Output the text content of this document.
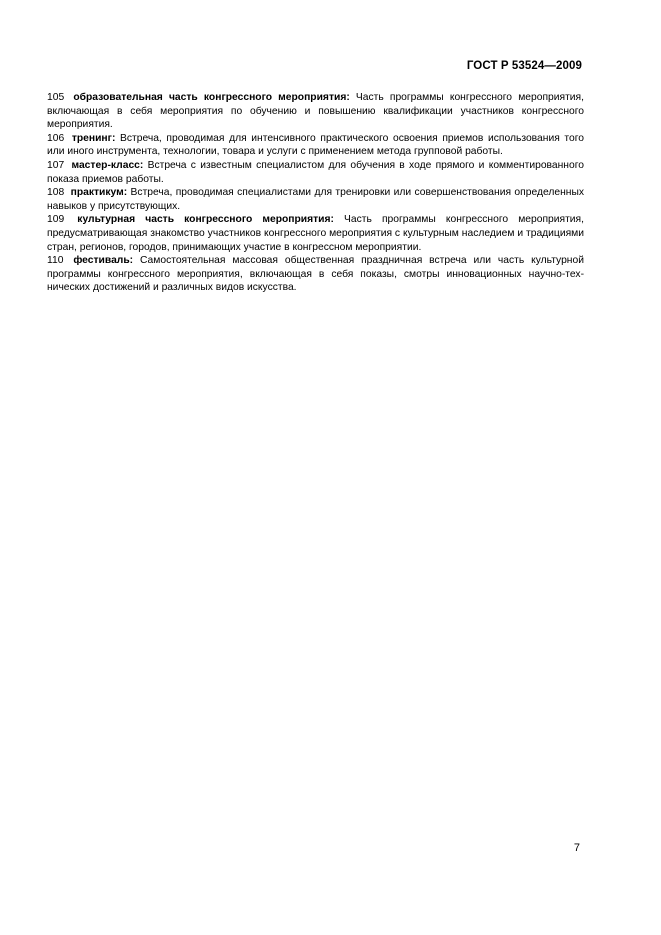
ГОСТ Р 53524—2009

105 образовательная часть конгрессного мероприятия: Часть программы конгрессного мероприятия, включающая в себя мероприятия по обучению и повышению квалификации участников конгрессного мероприятия.

106 тренинг: Встреча, проводимая для интенсивного практического освоения приемов использования того или иного инструмента, технологии, товара и услуги с применением метода групповой работы.

107 мастер-класс: Встреча с известным специалистом для обучения в ходе прямого и комментированного показа приемов работы.

108 практикум: Встреча, проводимая специалистами для тренировки или совершенствования определенных навыков у присутствующих.

109 культурная часть конгрессного мероприятия: Часть программы конгрессного мероприятия, предусматривающая знакомство участников конгрессного мероприятия с культурным наследием и традициями стран, регионов, городов, принимающих участие в конгрессном мероприятии.

110 фестиваль: Самостоятельная массовая общественная праздничная встреча или часть культурной программы конгрессного мероприятия, включающая в себя показы, смотры инновационных научно-технических достижений и различных видов искусства.

7
